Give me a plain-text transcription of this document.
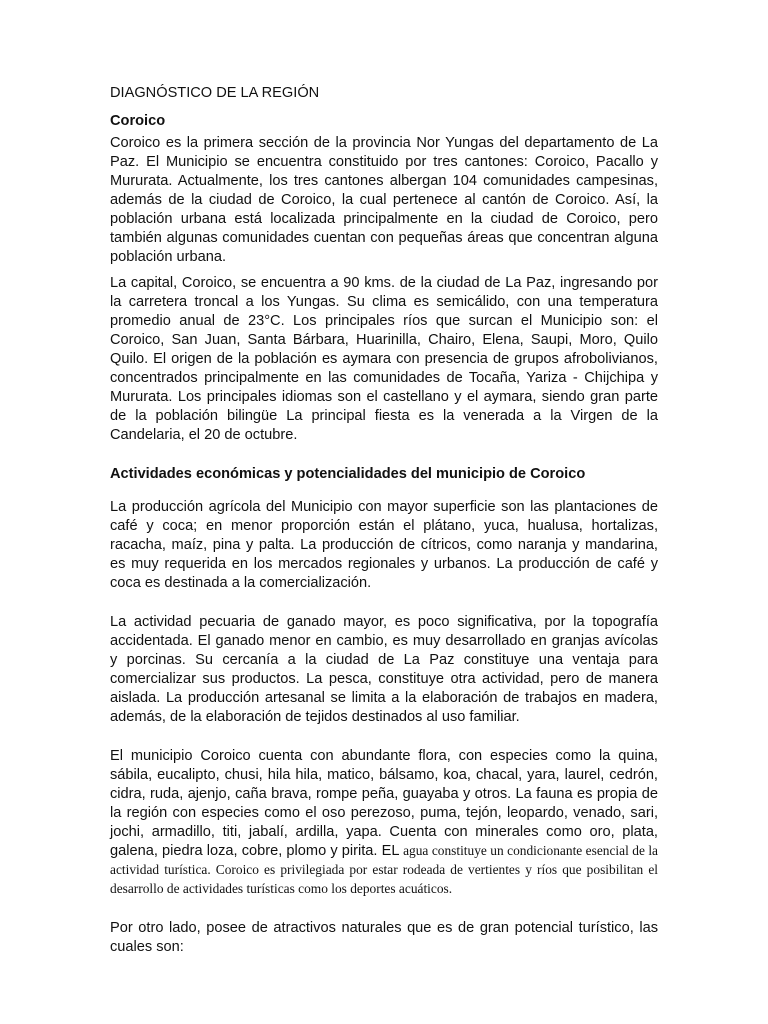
DIAGNÓSTICO DE LA REGIÓN
Coroico

Coroico es la primera sección de la provincia Nor Yungas del departamento de La Paz. El Municipio se encuentra constituido por tres cantones: Coroico, Pacallo y Mururata. Actualmente, los tres cantones albergan 104 comunidades campesinas, además de la ciudad de Coroico, la cual pertenece al cantón de Coroico. Así, la población urbana está localizada principalmente en la ciudad de Coroico, pero también algunas comunidades cuentan con pequeñas áreas que concentran alguna población urbana.

La capital, Coroico, se encuentra a 90 kms. de la ciudad de La Paz, ingresando por la carretera troncal a los Yungas. Su clima es semicálido, con una temperatura promedio anual de 23°C. Los principales ríos que surcan el Municipio son: el Coroico, San Juan, Santa Bárbara, Huarinilla, Chairo, Elena, Saupi, Moro, Quilo Quilo. El origen de la población es aymara con presencia de grupos afrobolivianos, concentrados principalmente en las comunidades de Tocaña, Yariza - Chijchipa y Mururata. Los principales idiomas son el castellano y el aymara, siendo gran parte de la población bilingüe La principal fiesta es la venerada a la Virgen de la Candelaria, el 20 de octubre.

Actividades económicas y potencialidades del municipio de Coroico

La producción agrícola del Municipio con mayor superficie son las plantaciones de café y coca; en menor proporción están el plátano, yuca, hualusa, hortalizas, racacha, maíz, pina y palta. La producción de cítricos, como naranja y mandarina, es muy requerida en los mercados regionales y urbanos. La producción de café y coca es destinada a la comercialización.

La actividad pecuaria de ganado mayor, es poco significativa, por la topografía accidentada. El ganado menor en cambio, es muy desarrollado en granjas avícolas y porcinas. Su cercanía a la ciudad de La Paz constituye una ventaja para comercializar sus productos. La pesca, constituye otra actividad, pero de manera aislada. La producción artesanal se limita a la elaboración de trabajos en madera, además, de la elaboración de tejidos destinados al uso familiar.

El municipio Coroico cuenta con abundante flora, con especies como la quina, sábila, eucalipto, chusi, hila hila, matico, bálsamo, koa, chacal, yara, laurel, cedrón, cidra, ruda, ajenjo, caña brava, rompe peña, guayaba y otros. La fauna es propia de la región con especies como el oso perezoso, puma, tejón, leopardo, venado, sari, jochi, armadillo, titi, jabalí, ardilla, yapa. Cuenta con minerales como oro, plata, galena, piedra loza, cobre, plomo y pirita. EL agua constituye un condicionante esencial de la actividad turística. Coroico es privilegiada por estar rodeada de vertientes y ríos que posibilitan el desarrollo de actividades turísticas como los deportes acuáticos.

Por otro lado, posee de atractivos naturales que es de gran potencial turístico, las cuales son:
